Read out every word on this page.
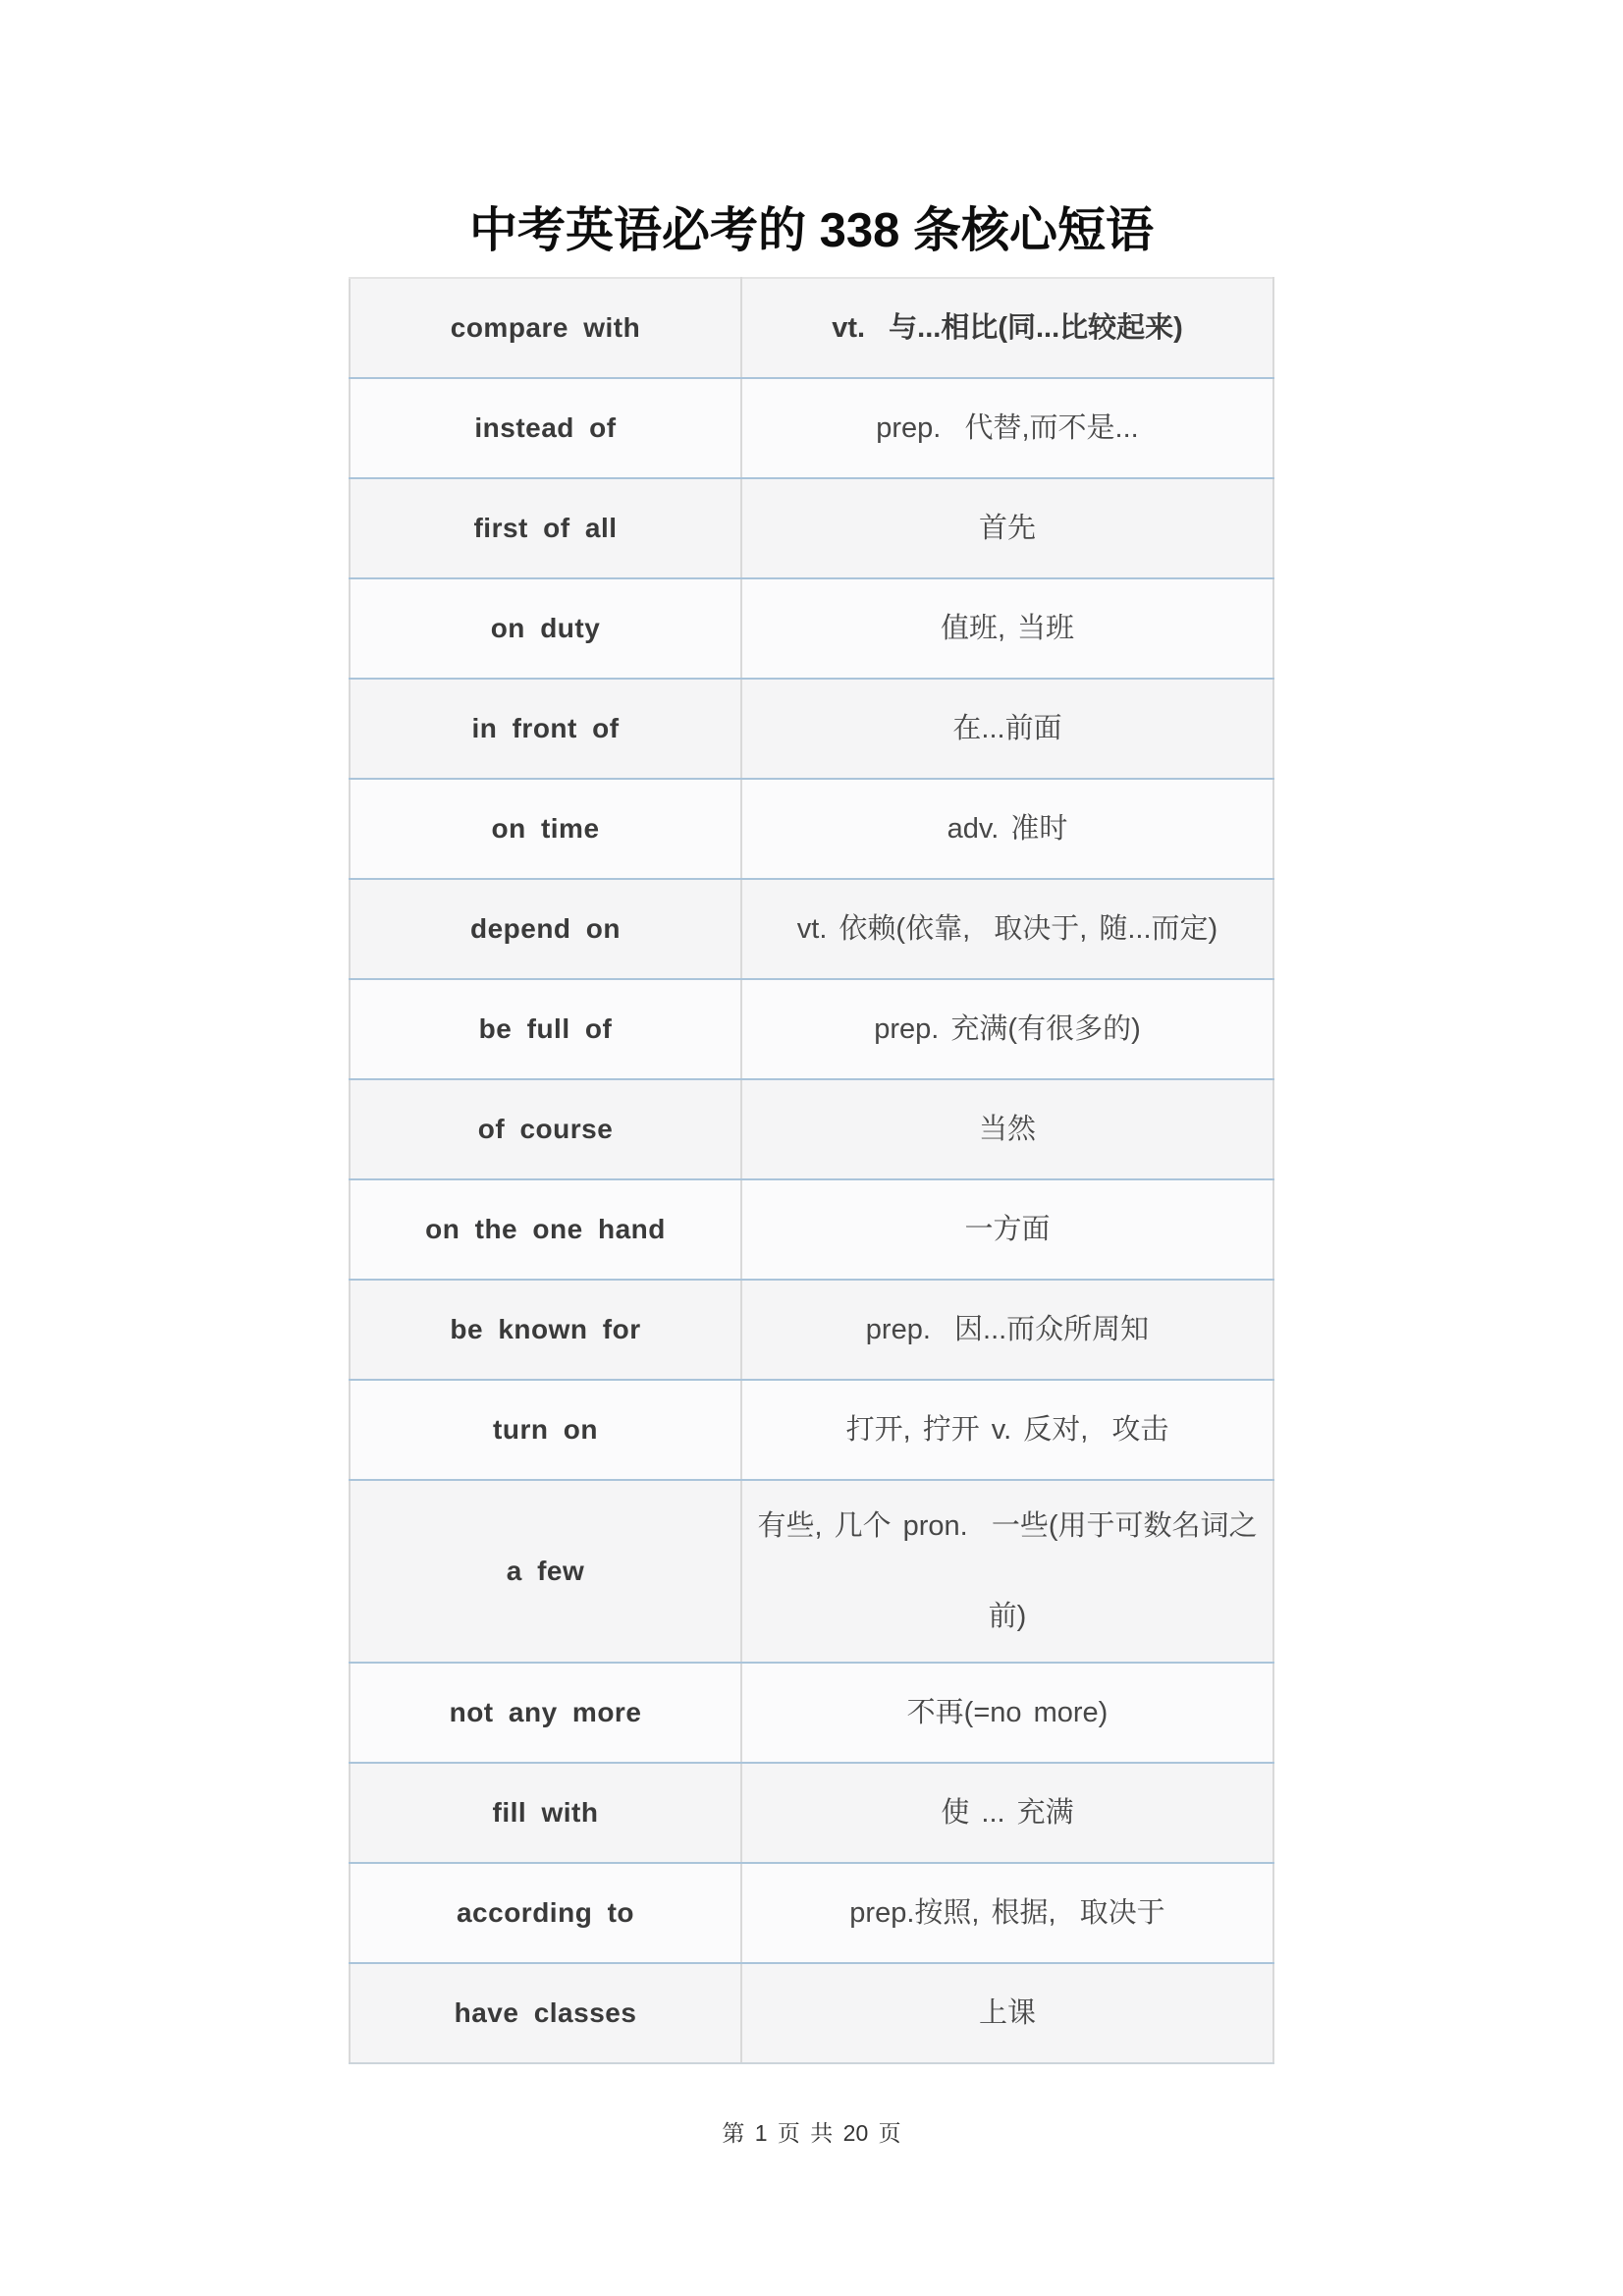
中考英语必考的 338 条核心短语
compare with	vt.  与...相比(同...比较起来)
instead of	prep.  代替,而不是...
first of all	首先
on duty	值班, 当班
in front of	在...前面
on time	adv. 准时
depend on	vt. 依赖(依靠,  取决于, 随...而定)
be full of	prep. 充满(有很多的)
of course	当然
on the one hand	一方面
be known for	prep.  因...而众所周知
turn on	打开, 拧开 v. 反对,  攻击
a few	有些, 几个 pron.  一些(用于可数名词之前)
not any more	不再(=no more)
fill with	使 ... 充满
according to	prep.按照, 根据,  取决于
have classes	上课
第 1 页 共 20 页
